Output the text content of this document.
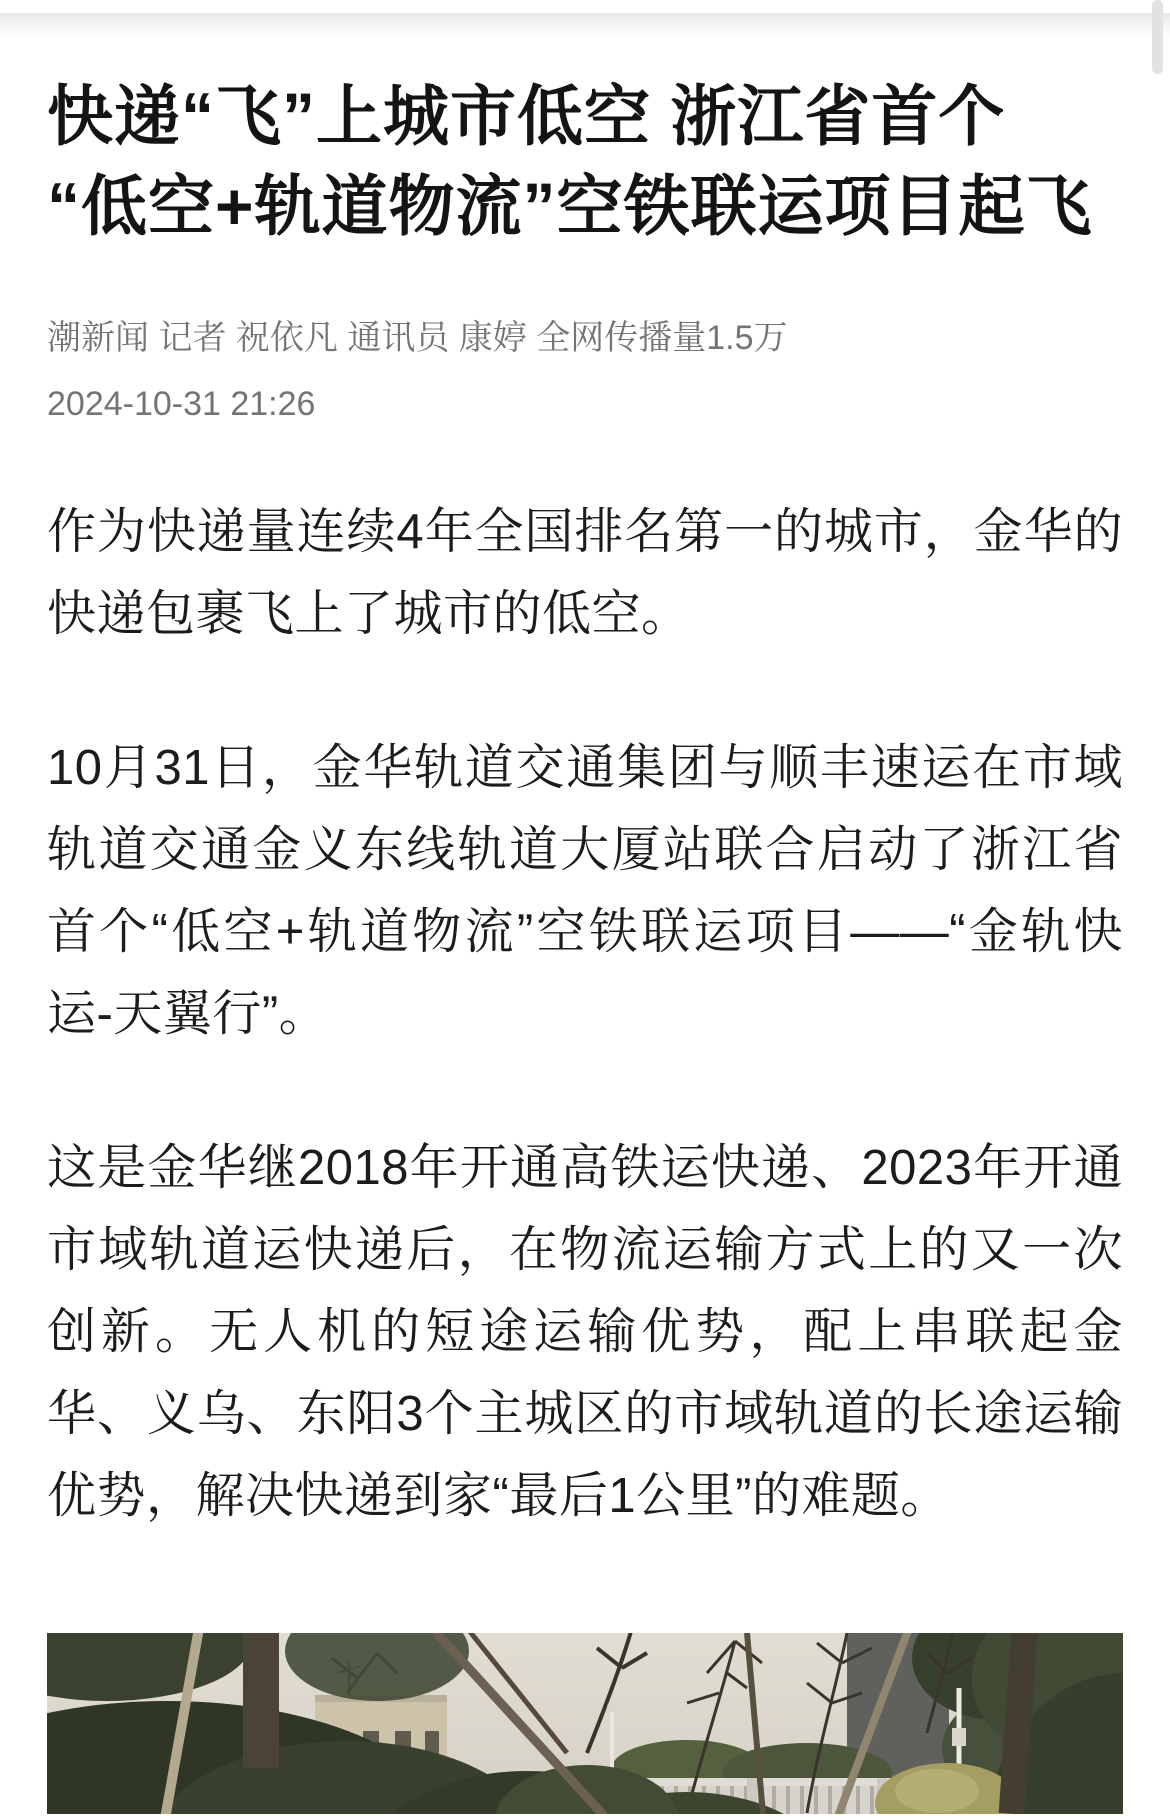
快递“飞”上城市低空 浙江省首个
“低空+轨道物流”空铁联运项目起飞
潮新闻 记者 祝依凡 通讯员 康婷 全网传播量1.5万
2024-10-31 21:26

作为快递量连续4年全国排名第一的城市，金华的快递包裹飞上了城市的低空。

10月31日，金华轨道交通集团与顺丰速运在市域轨道交通金义东线轨道大厦站联合启动了浙江省首个“低空+轨道物流”空铁联运项目——“金轨快运-天翼行”。

这是金华继2018年开通高铁运快递、2023年开通市域轨道运快递后，在物流运输方式上的又一次创新。无人机的短途运输优势，配上串联起金华、义乌、东阳3个主城区的市域轨道的长途运输优势，解决快递到家“最后1公里”的难题。
